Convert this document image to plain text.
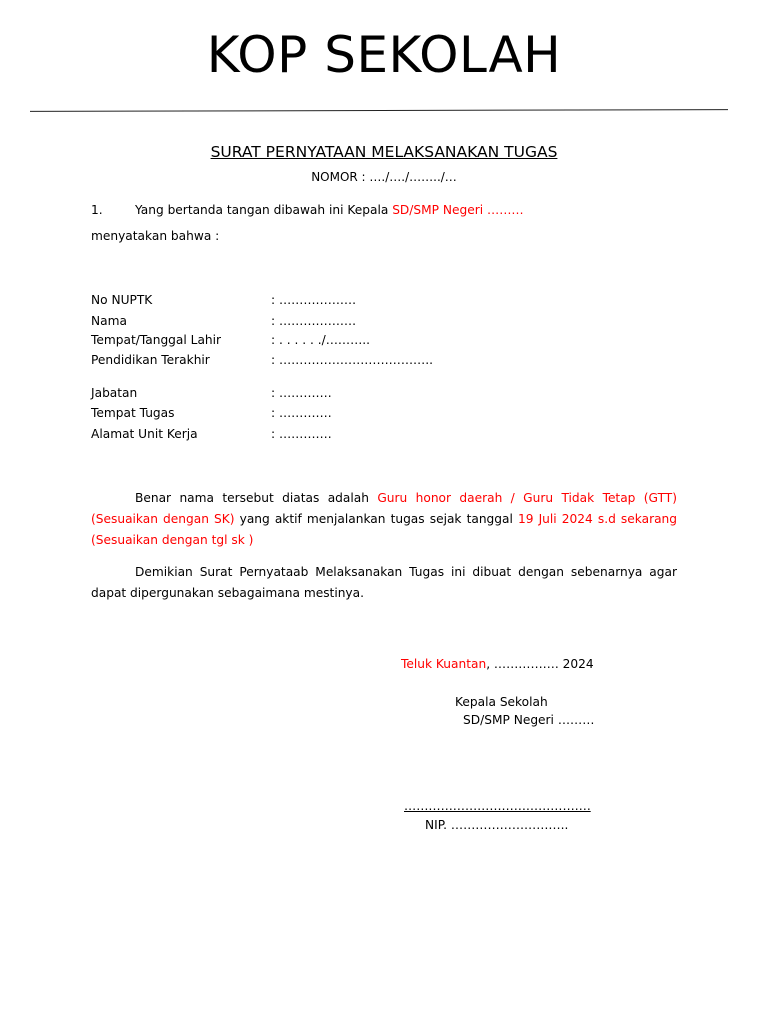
KOP SEKOLAH
SURAT PERNYATAAN MELAKSANAKAN TUGAS
NOMOR : …./…./……../…
1.	Yang bertanda tangan dibawah ini Kepala SD/SMP Negeri ………
menyatakan bahwa :
No NUPTK	: ……………….
Nama	: ……………….
Tempat/Tanggal Lahir	: . . . . . ./………..
Pendidikan Terakhir	: ………………………………..
Jabatan	: ………….
Tempat Tugas	: ………….
Alamat Unit Kerja	: ………….
Benar nama tersebut diatas adalah Guru honor daerah / Guru Tidak Tetap (GTT)(Sesuaikan dengan SK) yang aktif menjalankan tugas sejak tanggal 19 Juli 2024 s.d sekarang (Sesuaikan dengan tgl sk )
Demikian Surat Pernyataab Melaksanakan Tugas ini dibuat dengan sebenarnya agar dapat dipergunakan sebagaimana mestinya.
Teluk Kuantan, ……………. 2024
Kepala Sekolah
SD/SMP Negeri ………
……………………………………….
NIP. ………………………..
